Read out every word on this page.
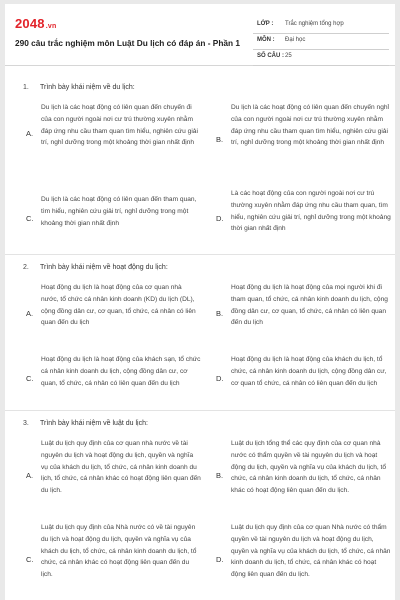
2048.vn
290 câu trắc nghiệm môn Luật Du lịch có đáp án - Phần 1
LỚP : Trắc nghiệm tổng hợp
MÔN : Đại học
SỐ CÂU : 25
1. Trình bày khái niệm về du lịch:
A.
Du lịch là các hoạt động có liên quan đến chuyến đi của con người ngoài nơi cư trú thường xuyên nhằm đáp ứng nhu cầu tham quan tìm hiểu, nghiên cứu giải trí, nghỉ dưỡng trong một khoảng thời gian nhất định	B.
Du lịch là các hoạt động có liên quan đến chuyến nghỉ của con người ngoài nơi cư trú thường xuyên nhằm đáp ứng nhu cầu tham quan tìm hiểu, nghiên cứu giải trí, nghỉ dưỡng trong một khoảng thời gian nhất định
C.
Du lịch là các hoạt động có liên quan đến tham quan, tìm hiểu, nghiên cứu giải trí, nghỉ dưỡng trong một khoảng thời gian nhất định
D.
Là các hoạt động của con người ngoài nơi cư trú thường xuyên nhằm đáp ứng nhu cầu tham quan, tìm hiểu, nghiên cứu giải trí, nghỉ dưỡng trong một khoảng thời gian nhất định
2. Trình bày khái niệm về hoạt động du lịch:
A.
Hoạt động du lịch là hoạt động của cơ quan nhà nước, tổ chức cá nhân kinh doanh (KD) du lịch (DL), cộng đồng dân cư, cơ quan, tổ chức, cá nhân có liên quan đến du lịch
B.
Hoạt động du lịch là hoạt động của mọi người khi đi tham quan, tổ chức, cá nhân kinh doanh du lịch, cộng đồng dân cư, cơ quan, tổ chức, cá nhân có liên quan đến du lịch
C.
Hoạt động du lịch là hoạt động của khách sạn, tổ chức cá nhân kinh doanh du lịch, cộng đồng dân cư, cơ quan, tổ chức, cá nhân có liên quan đến du lịch
D.
Hoạt động du lịch là hoạt động của khách du lịch, tổ chức, cá nhân kinh doanh du lịch, cộng đồng dân cư, cơ quan tổ chức, cá nhân có liên quan đến du lịch
3. Trình bày khái niệm về luật du lịch:
A.
Luật du lịch quy định của cơ quan nhà nước về tài nguyên du lịch và hoạt động du lịch, quyền và nghĩa vụ của khách du lịch, tổ chức, cá nhân kinh doanh du lịch, tổ chức, cá nhân khác có hoạt động liên quan đến du lịch.
B.
Luật du lịch tổng thể các quy định của cơ quan nhà nước có thẩm quyền về tài nguyên du lịch và hoạt động du lịch, quyền và nghĩa vụ của khách du lịch, tổ chức, cá nhân kinh doanh du lịch, tổ chức, cá nhân khác có hoạt động liên quan đến du lịch.
C.
Luật du lịch quy định của Nhà nước có về tài nguyên du lịch và hoạt động du lịch, quyền và nghĩa vụ của khách du lịch, tổ chức, cá nhân kinh doanh du lịch, tổ chức, cá nhân khác có hoạt động liên quan đến du lịch.
D.
Luật du lịch quy định của cơ quan Nhà nước có thẩm quyền về tài nguyên du lịch và hoạt động du lịch, quyền và nghĩa vụ của khách du lịch, tổ chức, cá nhân kinh doanh du lịch, tổ chức, cá nhân khác có hoạt động liên quan đến du lịch.
